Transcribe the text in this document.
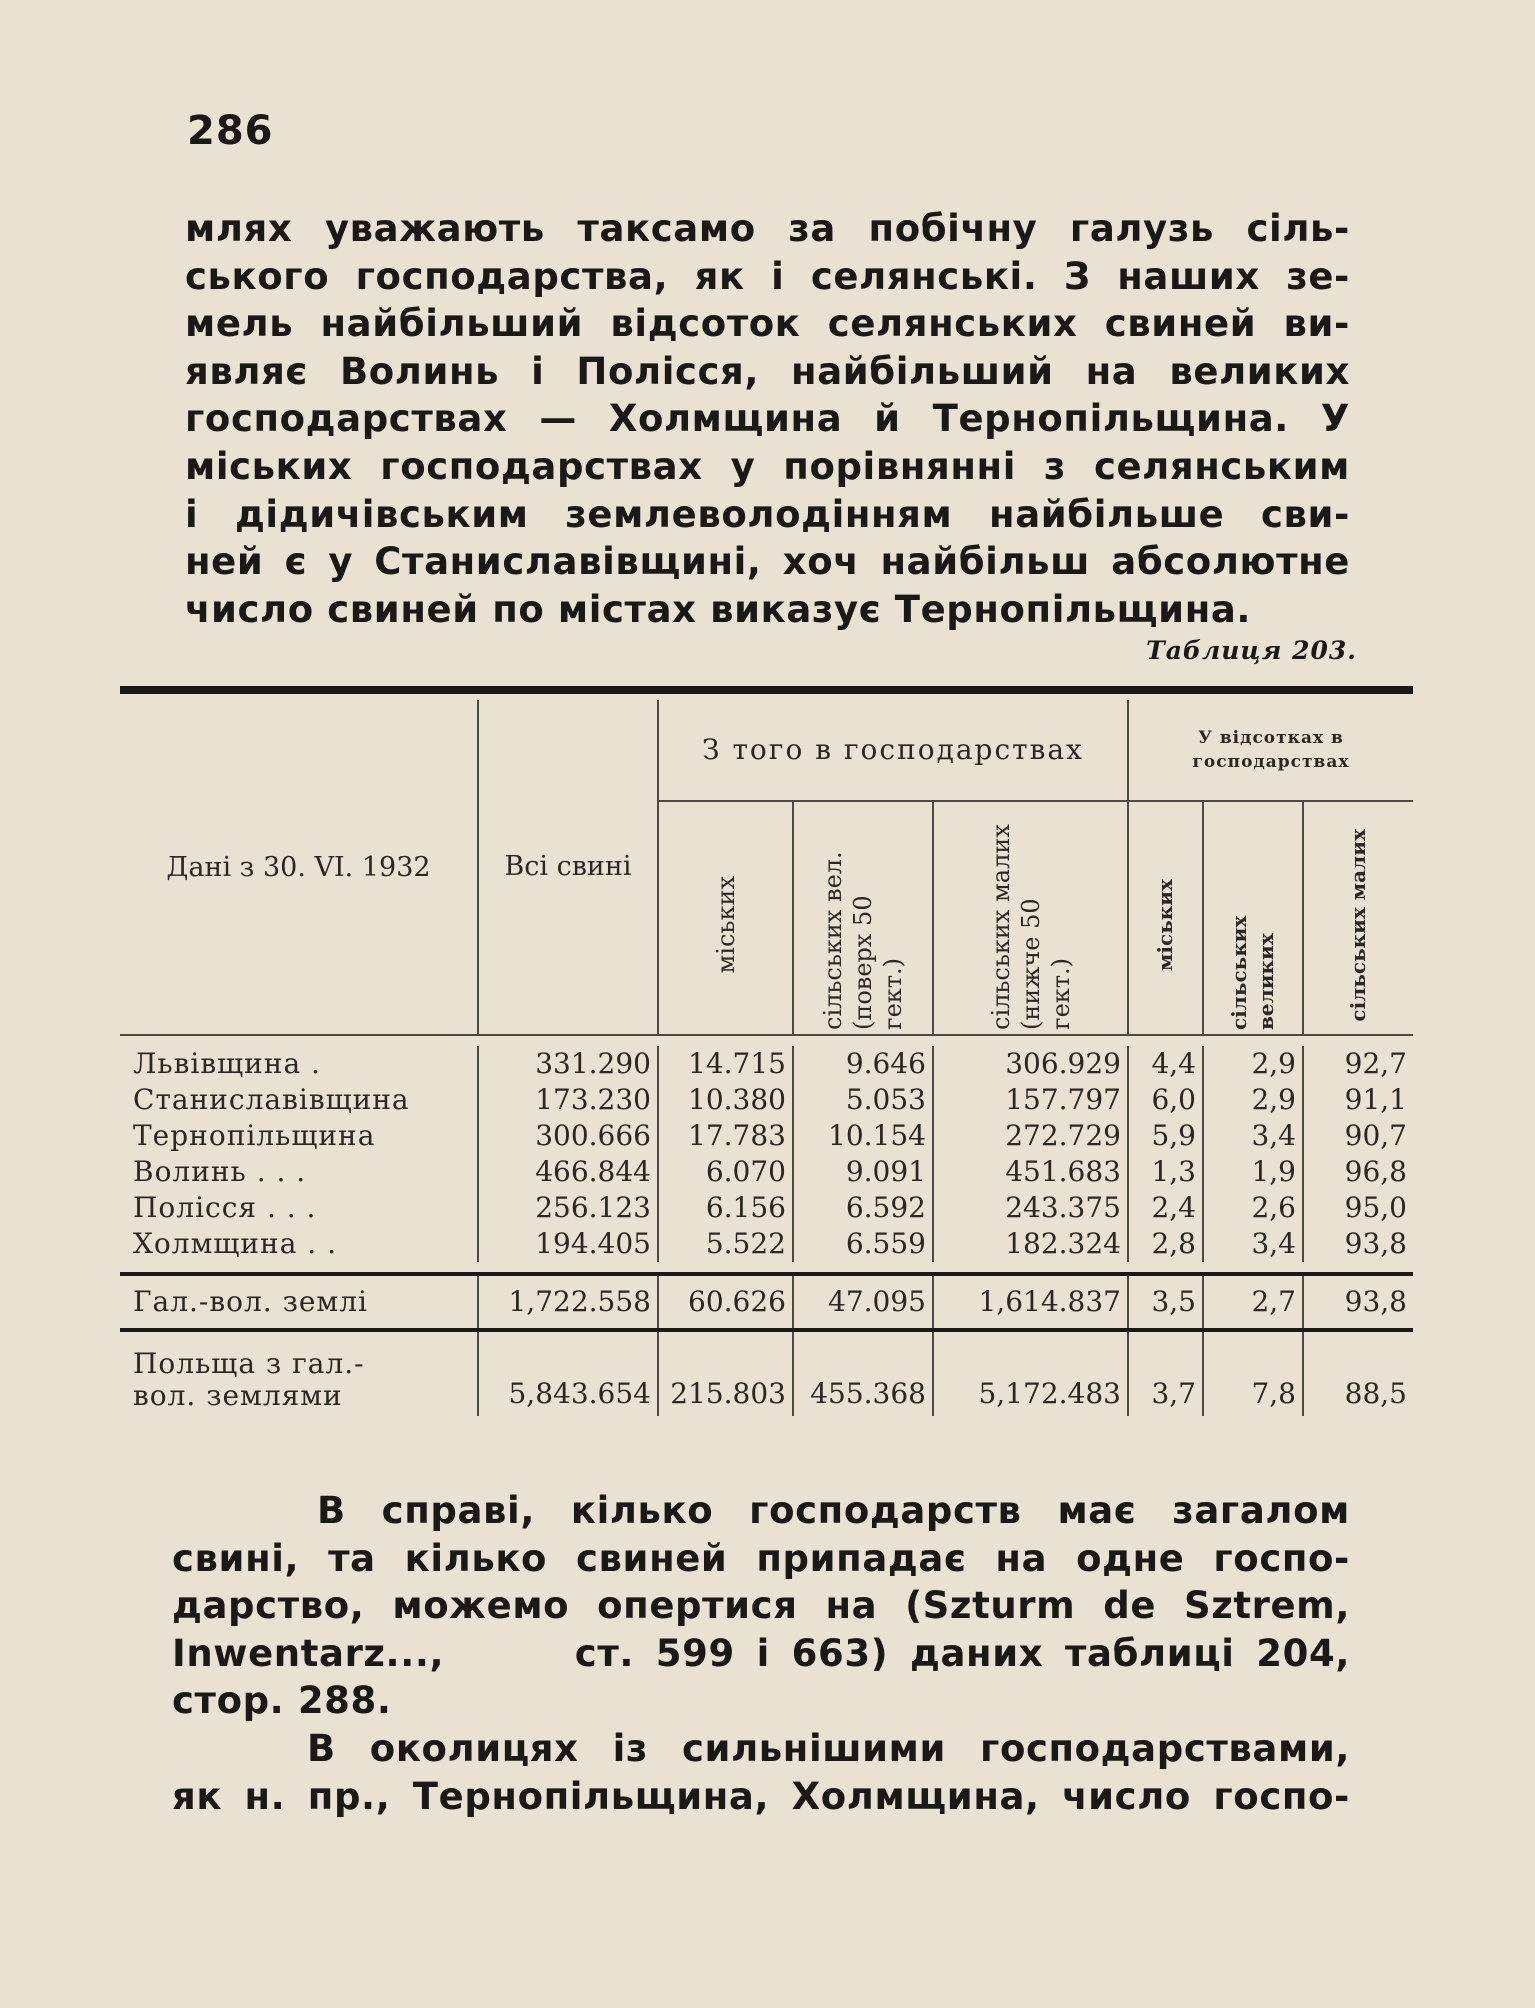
286
млях уважають таксамо за побічну галузь сіль-
ського господарства, як і селянські. З наших зе-
мель найбільший відсоток селянських свиней ви-
являє Волинь і Полісся, найбільший на великих
господарствах — Холмщина й Тернопільщина. У
міських господарствах у порівнянні з селянським
і дідичівським землеволодінням найбільше сви-
ней є у Станиславівщині, хоч найбільш абсолютне
число свиней по містах виказує Тернопільщина.
Таблиця 203.
Дані з 30. VI. 1932	Всі свині	З того в господарствах			У відсотках в господарствах		
		міських	сільських вел. (поверх 50 гект.)	сільських малих (нижче 50 гект.)	міських	сільських великих	сільських малих

Львівщина .	331.290	14.715	9.646	306.929	4,4	2,9	92,7
Станиславівщина	173.230	10.380	5.053	157.797	6,0	2,9	91,1
Тернопільщина	300.666	17.783	10.154	272.729	5,9	3,4	90,7
Волинь . . .	466.844	6.070	9.091	451.683	1,3	1,9	96,8
Полісся . . .	256.123	6.156	6.592	243.375	2,4	2,6	95,0
Холмщина . .	194.405	5.522	6.559	182.324	2,8	3,4	93,8

Гал.-вол. землі	1,722.558	60.626	47.095	1,614.837	3,5	2,7	93,8
Польща з гал.-
вол. землями	5,843.654	215.803	455.368	5,172.483	3,7	7,8	88,5
В справі, кілько господарств має загалом
свині, та кілько свиней припадає на одне госпо-
дарство, можемо опертися на (Szturm de Sztrem,
Inwentarz...,      ст. 599 і 663) даних таблиці 204,
стор. 288.
В околицях із сильнішими господарствами,
як н. пр., Тернопільщина, Холмщина, число госпо-
